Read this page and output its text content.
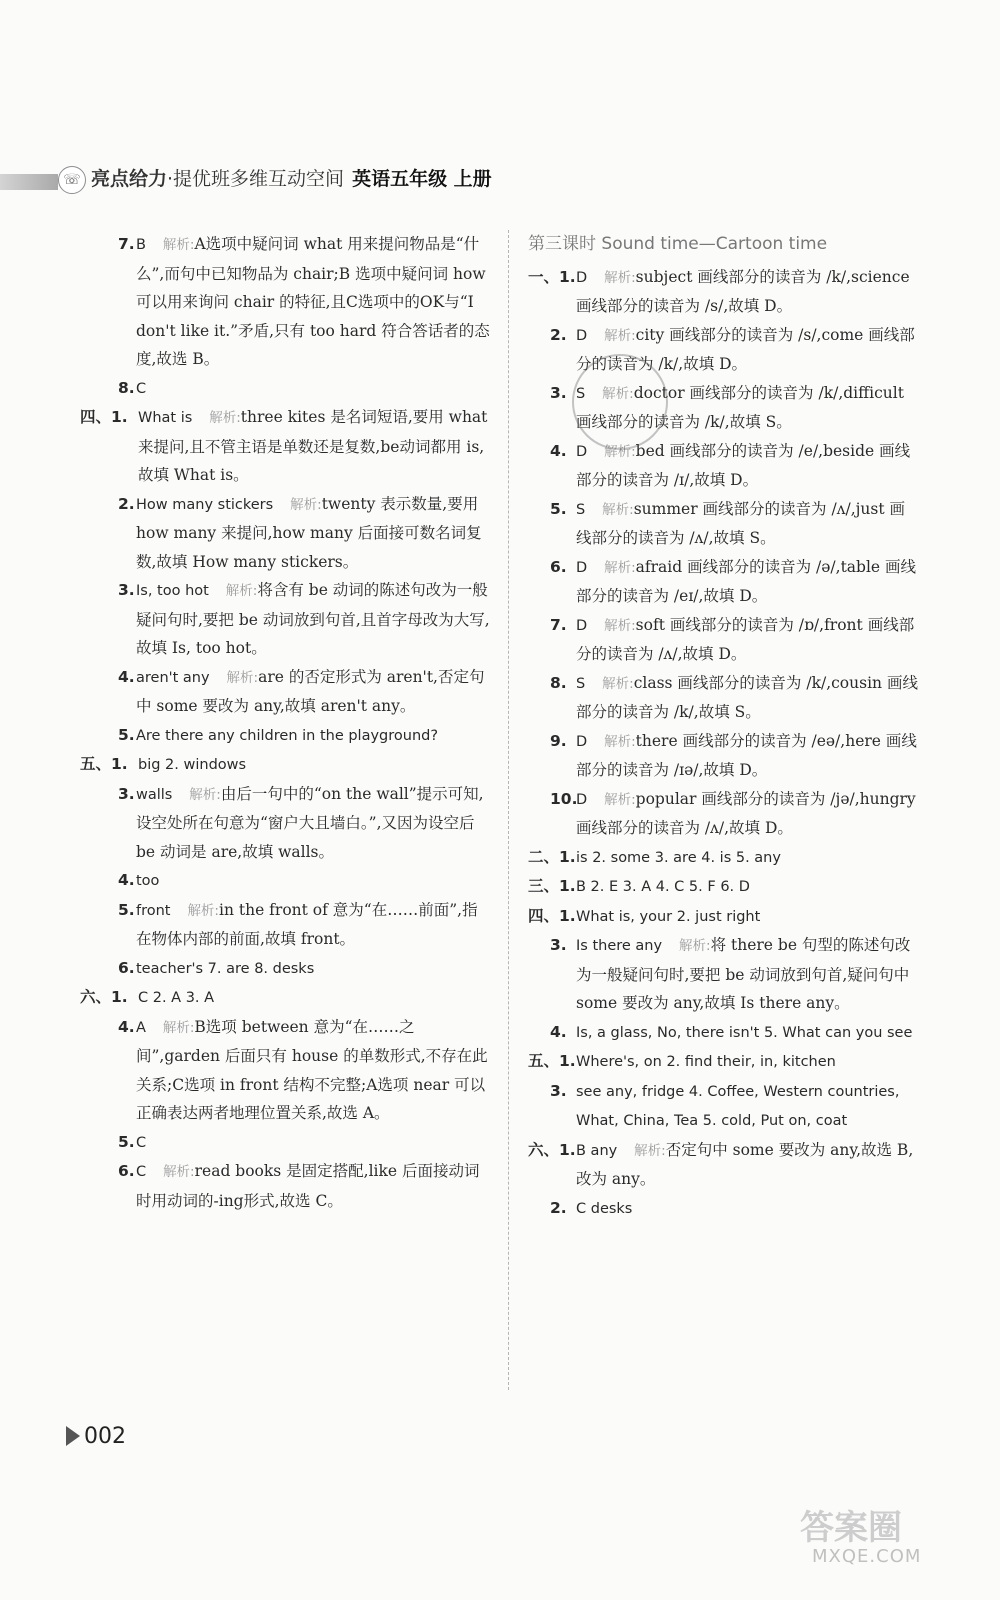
☏ 亮点给力·提优班多维互动空间 英语五年级 上册
7. B 解析:A选项中疑问词 what 用来提问物品是“什么”,而句中已知物品为 chair;B 选项中疑问词 how 可以用来询问 chair 的特征,且C选项中的OK与“I don't like it.”矛盾,只有 too hard 符合答话者的态度,故选 B。
8. C
四、1. What is 解析:three kites 是名词短语,要用 what 来提问,且不管主语是单数还是复数,be动词都用 is,故填 What is。
2. How many stickers 解析:twenty 表示数量,要用 how many 来提问,how many 后面接可数名词复数,故填 How many stickers。
3. Is, too hot 解析:将含有 be 动词的陈述句改为一般疑问句时,要把 be 动词放到句首,且首字母改为大写,故填 Is, too hot。
4. aren't any 解析:are 的否定形式为 aren't,否定句中 some 要改为 any,故填 aren't any。
5. Are there any children in the playground?
五、1. big 2. windows
3. walls 解析:由后一句中的“on the wall”提示可知,设空处所在句意为“窗户大且墙白。”,又因为设空后 be 动词是 are,故填 walls。
4. too
5. front 解析:in the front of 意为“在……前面”,指在物体内部的前面,故填 front。
6. teacher's 7. are 8. desks
六、1. C 2. A 3. A
4. A 解析:B选项 between 意为“在……之间”,garden 后面只有 house 的单数形式,不存在此关系;C选项 in front 结构不完整;A选项 near 可以正确表达两者地理位置关系,故选 A。
5. C
6. C 解析:read books 是固定搭配,like 后面接动词时用动词的-ing形式,故选 C。
第三课时 Sound time—Cartoon time
一、1. D 解析:subject 画线部分的读音为 /k/,science 画线部分的读音为 /s/,故填 D。
2. D 解析:city 画线部分的读音为 /s/,come 画线部分的读音为 /k/,故填 D。
3. S 解析:doctor 画线部分的读音为 /k/,difficult 画线部分的读音为 /k/,故填 S。
4. D 解析:bed 画线部分的读音为 /e/,beside 画线部分的读音为 /ɪ/,故填 D。
5. S 解析:summer 画线部分的读音为 /ʌ/,just 画线部分的读音为 /ʌ/,故填 S。
6. D 解析:afraid 画线部分的读音为 /ə/,table 画线部分的读音为 /eɪ/,故填 D。
7. D 解析:soft 画线部分的读音为 /ɒ/,front 画线部分的读音为 /ʌ/,故填 D。
8. S 解析:class 画线部分的读音为 /k/,cousin 画线部分的读音为 /k/,故填 S。
9. D 解析:there 画线部分的读音为 /eə/,here 画线部分的读音为 /ɪə/,故填 D。
10.
D 解析:popular 画线部分的读音为 /jə/,hungry 画线部分的读音为 /ʌ/,故填 D。
二、1. is 2. some 3. are 4. is 5. any
三、1. B 2. E 3. A 4. C 5. F 6. D
四、1. What is, your 2. just right
3. Is there any 解析:将 there be 句型的陈述句改为一般疑问句时,要把 be 动词放到句首,疑问句中 some 要改为 any,故填 Is there any。
4. Is, a glass, No, there isn't 5. What can you see
五、1. Where's, on 2. find their, in, kitchen
3. see any, fridge 4. Coffee, Western countries, What, China, Tea 5. cold, Put on, coat
六、1. B any 解析:否定句中 some 要改为 any,故选 B,改为 any。
2. C desks
002
答案圈
MXQE.COM
